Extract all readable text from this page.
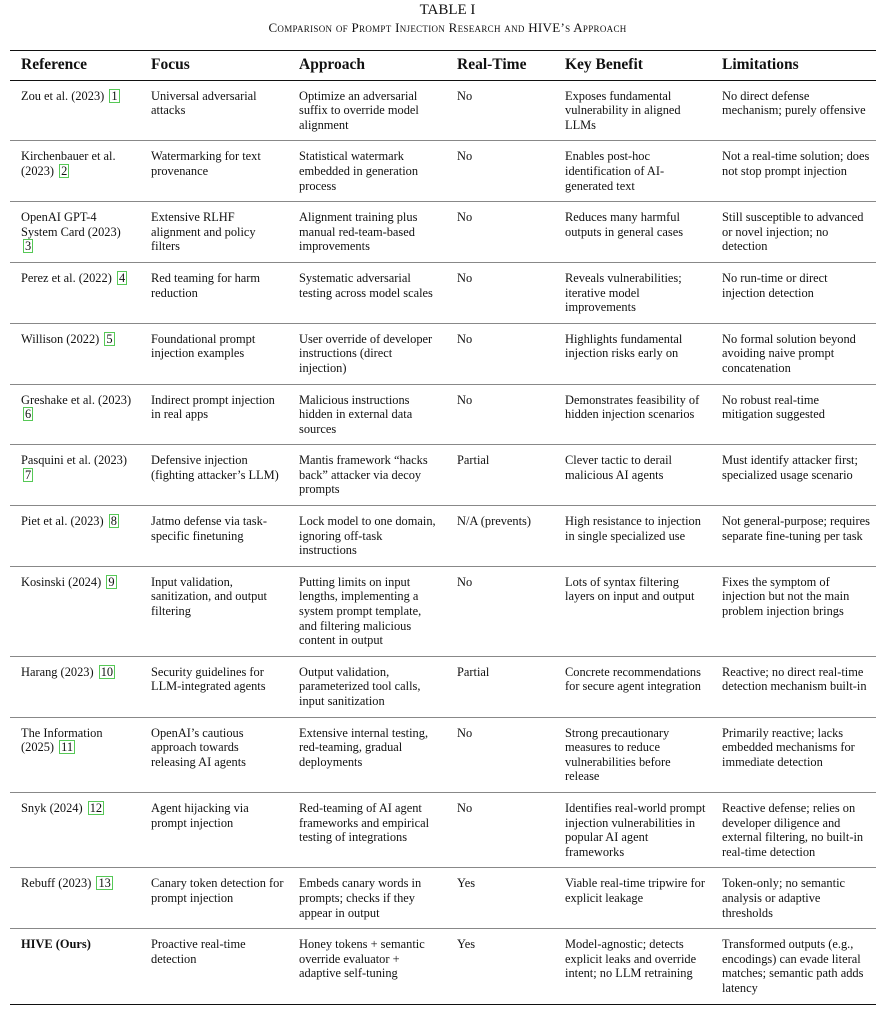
TABLE I
Comparison of Prompt Injection Research and HIVE’s Approach
Reference	Focus	Approach	Real-Time	Key Benefit	Limitations
Zou et al. (2023) 1	Universal adversarial attacks	Optimize an adversarial suffix to override model alignment	No	Exposes fundamental vulnerability in aligned LLMs	No direct defense mechanism; purely offensive
Kirchenbauer et al. (2023) 2	Watermarking for text provenance	Statistical watermark embedded in generation process	No	Enables post-hoc identification of AI-generated text	Not a real-time solution; does not stop prompt injection
OpenAI GPT-4 System Card (2023) 3	Extensive RLHF alignment and policy filters	Alignment training plus manual red-team-based improvements	No	Reduces many harmful outputs in general cases	Still susceptible to advanced or novel injection; no detection
Perez et al. (2022) 4	Red teaming for harm reduction	Systematic adversarial testing across model scales	No	Reveals vulnerabilities; iterative model improvements	No run-time or direct injection detection
Willison (2022) 5	Foundational prompt injection examples	User override of developer instructions (direct injection)	No	Highlights fundamental injection risks early on	No formal solution beyond avoiding naive prompt concatenation
Greshake et al. (2023) 6	Indirect prompt injection in real apps	Malicious instructions hidden in external data sources	No	Demonstrates feasibility of hidden injection scenarios	No robust real-time mitigation suggested
Pasquini et al. (2023) 7	Defensive injection (fighting attacker’s LLM)	Mantis framework “hacks back” attacker via decoy prompts	Partial	Clever tactic to derail malicious AI agents	Must identify attacker first; specialized usage scenario
Piet et al. (2023) 8	Jatmo defense via task-specific finetuning	Lock model to one domain, ignoring off-task instructions	N/A (prevents)	High resistance to injection in single specialized use	Not general-purpose; requires separate fine-tuning per task
Kosinski (2024) 9	Input validation, sanitization, and output filtering	Putting limits on input lengths, implementing a system prompt template, and filtering malicious content in output	No	Lots of syntax filtering layers on input and output	Fixes the symptom of injection but not the main problem injection brings
Harang (2023) 10	Security guidelines for LLM-integrated agents	Output validation, parameterized tool calls, input sanitization	Partial	Concrete recommendations for secure agent integration	Reactive; no direct real-time detection mechanism built-in
The Information (2025) 11	OpenAI’s cautious approach towards releasing AI agents	Extensive internal testing, red-teaming, gradual deployments	No	Strong precautionary measures to reduce vulnerabilities before release	Primarily reactive; lacks embedded mechanisms for immediate detection
Snyk (2024) 12	Agent hijacking via prompt injection	Red-teaming of AI agent frameworks and empirical testing of integrations	No	Identifies real-world prompt injection vulnerabilities in popular AI agent frameworks	Reactive defense; relies on developer diligence and external filtering, no built-in real-time detection
Rebuff (2023) 13	Canary token detection for prompt injection	Embeds canary words in prompts; checks if they appear in output	Yes	Viable real-time tripwire for explicit leakage	Token-only; no semantic analysis or adaptive thresholds
HIVE (Ours)	Proactive real-time detection	Honey tokens + semantic override evaluator + adaptive self-tuning	Yes	Model-agnostic; detects explicit leaks and override intent; no LLM retraining	Transformed outputs (e.g., encodings) can evade literal matches; semantic path adds latency
